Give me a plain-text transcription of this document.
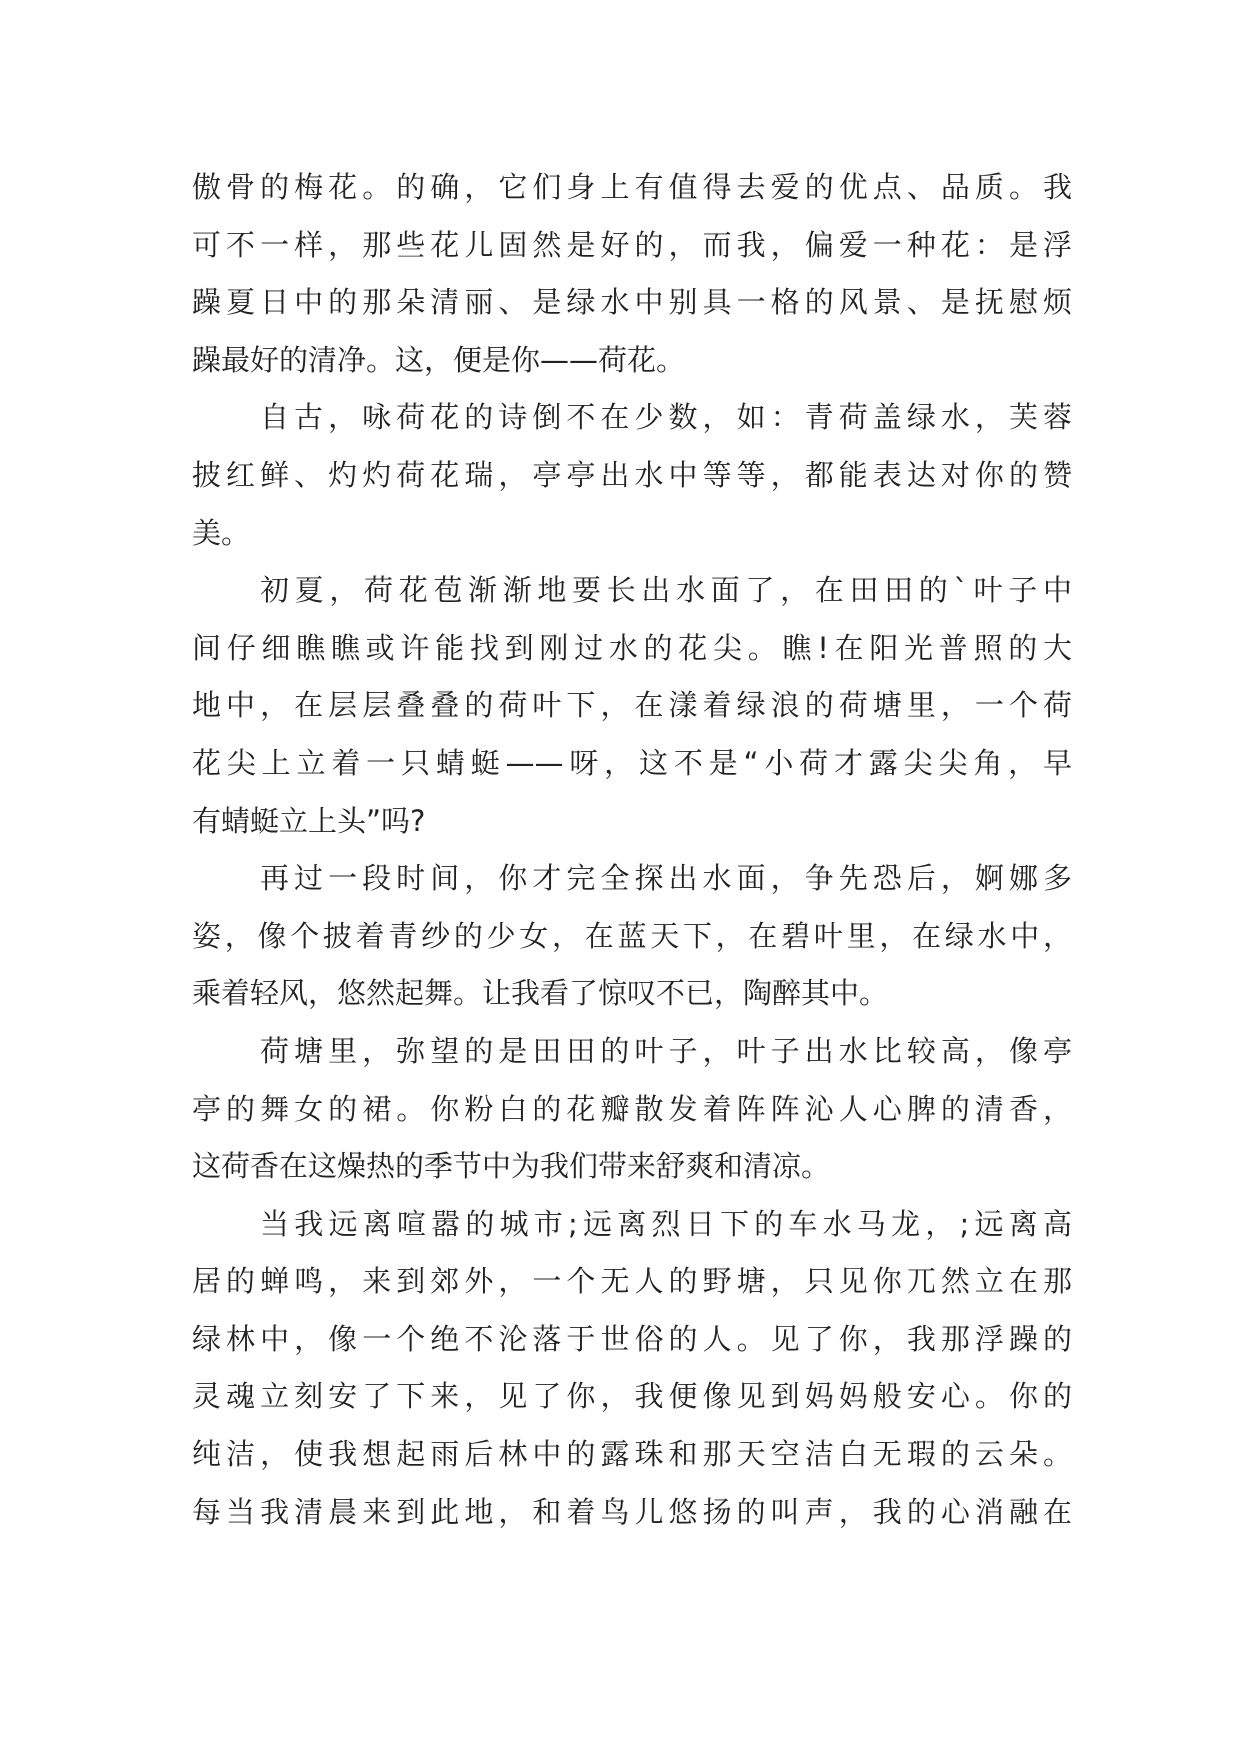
傲骨的梅花。的确，它们身上有值得去爱的优点、品质。我
可不一样，那些花儿固然是好的，而我，偏爱一种花：是浮
躁夏日中的那朵清丽、是绿水中别具一格的风景、是抚慰烦
躁最好的清净。这，便是你——荷花。
自古，咏荷花的诗倒不在少数，如：青荷盖绿水，芙蓉
披红鲜、灼灼荷花瑞，亭亭出水中等等，都能表达对你的赞
美。
初夏，荷花苞渐渐地要长出水面了，在田田的`叶子中
间仔细瞧瞧或许能找到刚过水的花尖。瞧!在阳光普照的大
地中，在层层叠叠的荷叶下，在漾着绿浪的荷塘里，一个荷
花尖上立着一只蜻蜓——呀，这不是“小荷才露尖尖角，早
有蜻蜓立上头”吗?
再过一段时间，你才完全探出水面，争先恐后，婀娜多
姿，像个披着青纱的少女，在蓝天下，在碧叶里，在绿水中，
乘着轻风，悠然起舞。让我看了惊叹不已，陶醉其中。
荷塘里，弥望的是田田的叶子，叶子出水比较高，像亭
亭的舞女的裙。你粉白的花瓣散发着阵阵沁人心脾的清香，
这荷香在这燥热的季节中为我们带来舒爽和清凉。
当我远离喧嚣的城市;远离烈日下的车水马龙，;远离高
居的蝉鸣，来到郊外，一个无人的野塘，只见你兀然立在那
绿林中，像一个绝不沦落于世俗的人。见了你，我那浮躁的
灵魂立刻安了下来，见了你，我便像见到妈妈般安心。你的
纯洁，使我想起雨后林中的露珠和那天空洁白无瑕的云朵。
每当我清晨来到此地，和着鸟儿悠扬的叫声，我的心消融在
